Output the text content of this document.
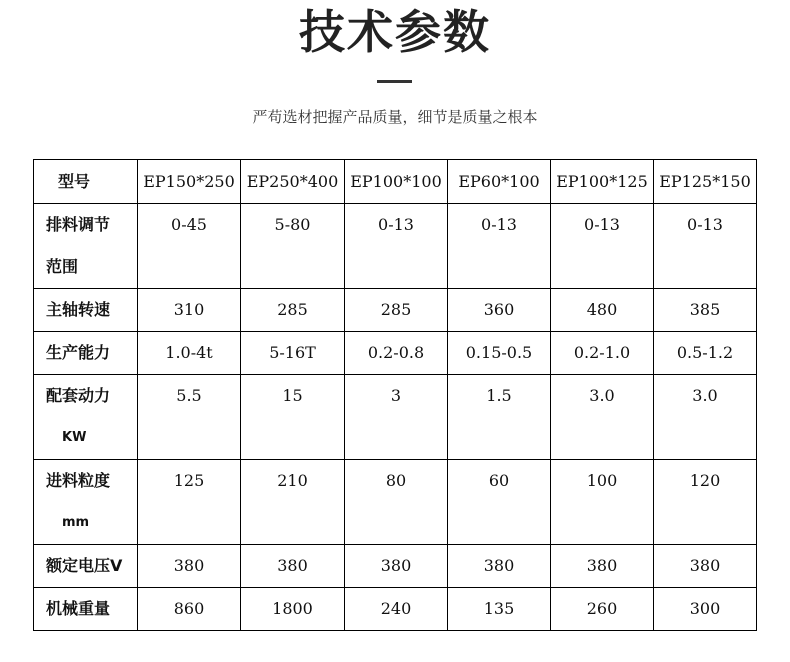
技术参数
严苟选材把握产品质量，细节是质量之根本
型号	EP150*250	EP250*400	EP100*100	EP60*100	EP100*125	EP125*150

排料调节
范围	0-45	5-80	0-13	0-13	0-13	0-13

主轴转速	310	285	285	360	480	385

生产能力	1.0-4t	5-16T	0.2-0.8	0.15-0.5	0.2-1.0	0.5-1.2

配套动力
KW	5.5	15	3	1.5	3.0	3.0

进料粒度
mm	125	210	80	60	100	120

额定电压V	380	380	380	380	380	380

机械重量	860	1800	240	135	260	300
